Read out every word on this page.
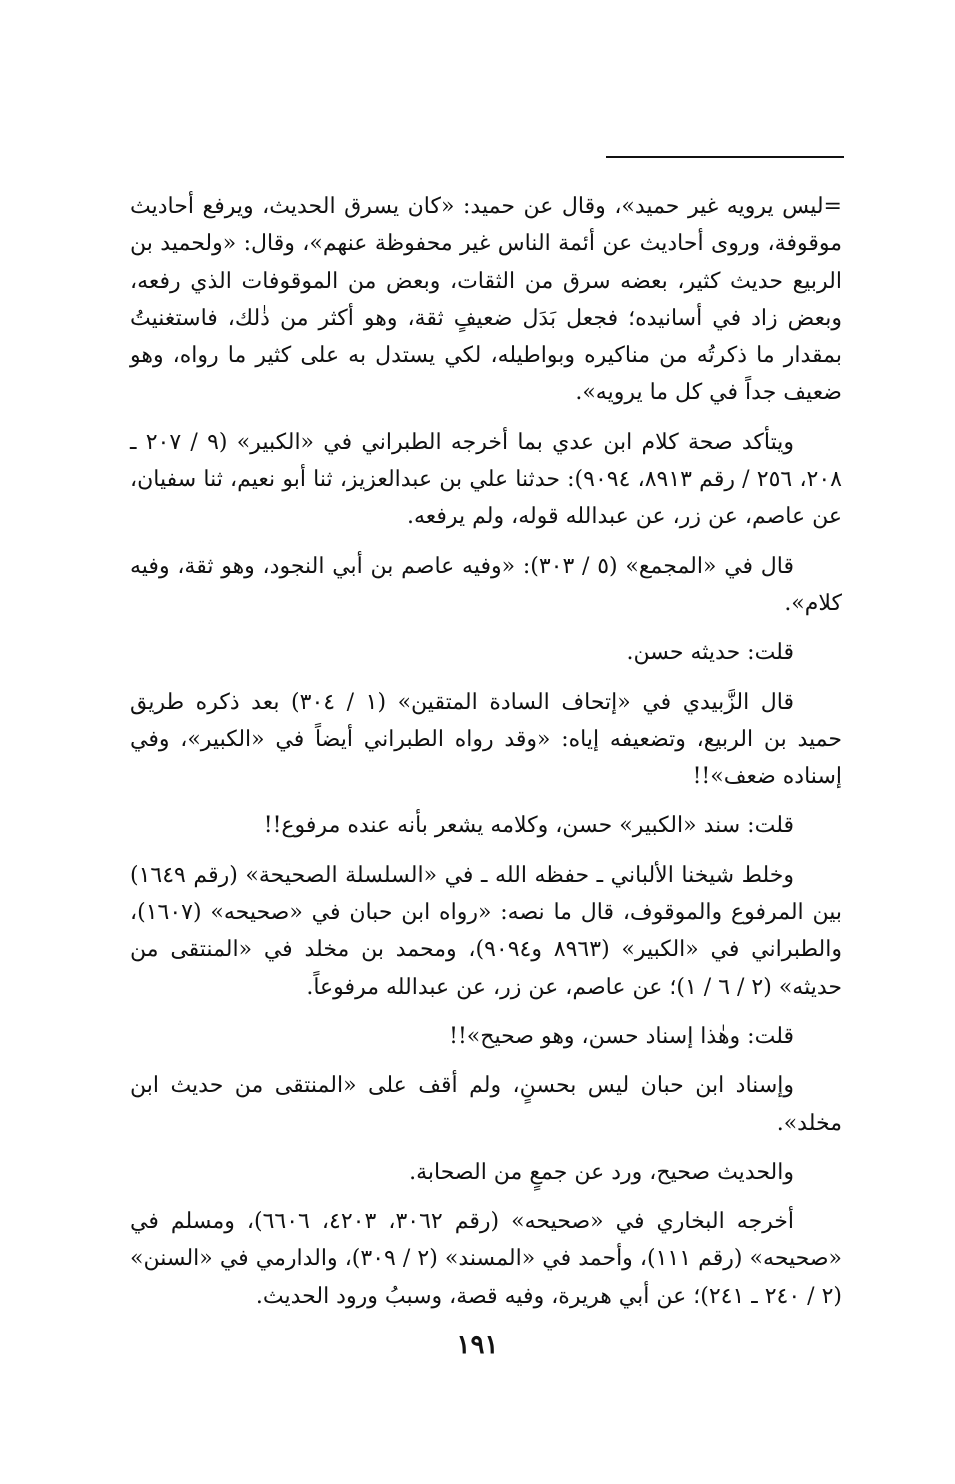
=ليس يرويه غير حميد»، وقال عن حميد: «كان يسرق الحديث، ويرفع أحاديث موقوفة، وروى أحاديث عن أئمة الناس غير محفوظة عنهم»، وقال: «ولحميد بن الربيع حديث كثير، بعضه سرق من الثقات، وبعض من الموقوفات الذي رفعه، وبعض زاد في أسانيده؛ فجعل بَدَل ضعيفٍ ثقة، وهو أكثر من ذٰلك، فاستغنيتُ بمقدار ما ذكرتُه من مناكيره وبواطيله، لكي يستدل به على كثير ما رواه، وهو ضعيف جداً في كل ما يرويه».

ويتأكد صحة كلام ابن عدي بما أخرجه الطبراني في «الكبير» (٩ / ٢٠٧ ـ ٢٠٨، ٢٥٦ / رقم ٨٩١٣، ٩٠٩٤): حدثنا علي بن عبدالعزيز، ثنا أبو نعيم، ثنا سفيان، عن عاصم، عن زر، عن عبدالله قوله، ولم يرفعه.

قال في «المجمع» (٥ / ٣٠٣): «وفيه عاصم بن أبي النجود، وهو ثقة، وفيه كلام».

قلت: حديثه حسن.

قال الزَّبيدي في «إتحاف السادة المتقين» (١ / ٣٠٤) بعد ذكره طريق حميد بن الربيع، وتضعيفه إياه: «وقد رواه الطبراني أيضاً في «الكبير»، وفي إسناده ضعف»!!

قلت: سند «الكبير» حسن، وكلامه يشعر بأنه عنده مرفوع!!

وخلط شيخنا الألباني ـ حفظه الله ـ في «السلسلة الصحيحة» (رقم ١٦٤٩) بين المرفوع والموقوف، قال ما نصه: «رواه ابن حبان في «صحيحه» (١٦٠٧)، والطبراني في «الكبير» (٨٩٦٣ و٩٠٩٤)، ومحمد بن مخلد في «المنتقى من حديثه» (٢ / ٦ / ١)؛ عن عاصم، عن زر، عن عبدالله مرفوعاً.

قلت: وهٰذا إسناد حسن، وهو صحيح»!!

وإسناد ابن حبان ليس بحسنٍ، ولم أقف على «المنتقى من حديث ابن مخلد».

والحديث صحيح، ورد عن جمعٍ من الصحابة.

أخرجه البخاري في «صحيحه» (رقم ٣٠٦٢، ٤٢٠٣، ٦٦٠٦)، ومسلم في «صحيحه» (رقم ١١١)، وأحمد في «المسند» (٢ / ٣٠٩)، والدارمي في «السنن» (٢ / ٢٤٠ ـ ٢٤١)؛ عن أبي هريرة، وفيه قصة، وسببُ ورود الحديث.

١٩١
